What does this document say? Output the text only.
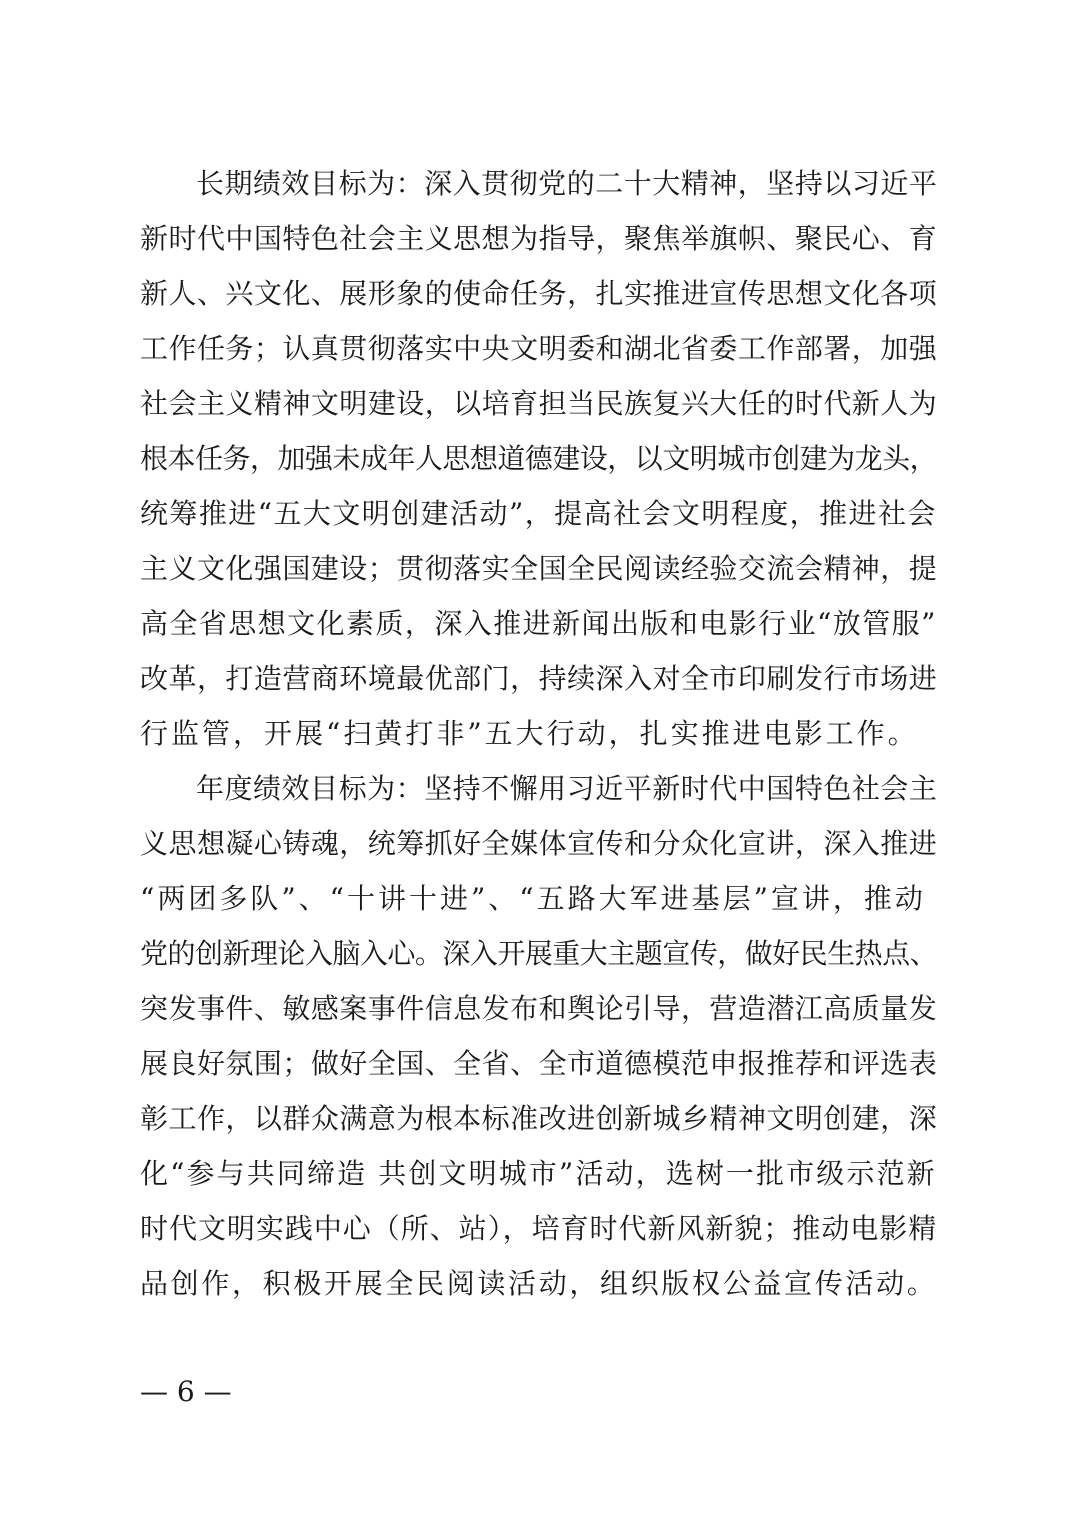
长期绩效目标为：深入贯彻党的二十大精神，坚持以习近平
新时代中国特色社会主义思想为指导，聚焦举旗帜、聚民心、育
新人、兴文化、展形象的使命任务，扎实推进宣传思想文化各项
工作任务；认真贯彻落实中央文明委和湖北省委工作部署，加强
社会主义精神文明建设，以培育担当民族复兴大任的时代新人为
根本任务，加强未成年人思想道德建设，以文明城市创建为龙头，
统筹推进“五大文明创建活动”，提高社会文明程度，推进社会
主义文化强国建设；贯彻落实全国全民阅读经验交流会精神，提
高全省思想文化素质，深入推进新闻出版和电影行业“放管服”
改革，打造营商环境最优部门，持续深入对全市印刷发行市场进
行监管，开展“扫黄打非”五大行动，扎实推进电影工作。
年度绩效目标为：坚持不懈用习近平新时代中国特色社会主
义思想凝心铸魂，统筹抓好全媒体宣传和分众化宣讲，深入推进
“两团多队”、“十讲十进”、“五路大军进基层”宣讲，推动
党的创新理论入脑入心。深入开展重大主题宣传，做好民生热点、
突发事件、敏感案事件信息发布和舆论引导，营造潜江高质量发
展良好氛围；做好全国、全省、全市道德模范申报推荐和评选表
彰工作，以群众满意为根本标准改进创新城乡精神文明创建，深
化“参与共同缔造 共创文明城市”活动，选树一批市级示范新
时代文明实践中心（所、站），培育时代新风新貌；推动电影精
品创作，积极开展全民阅读活动，组织版权公益宣传活动。
— 6 —
